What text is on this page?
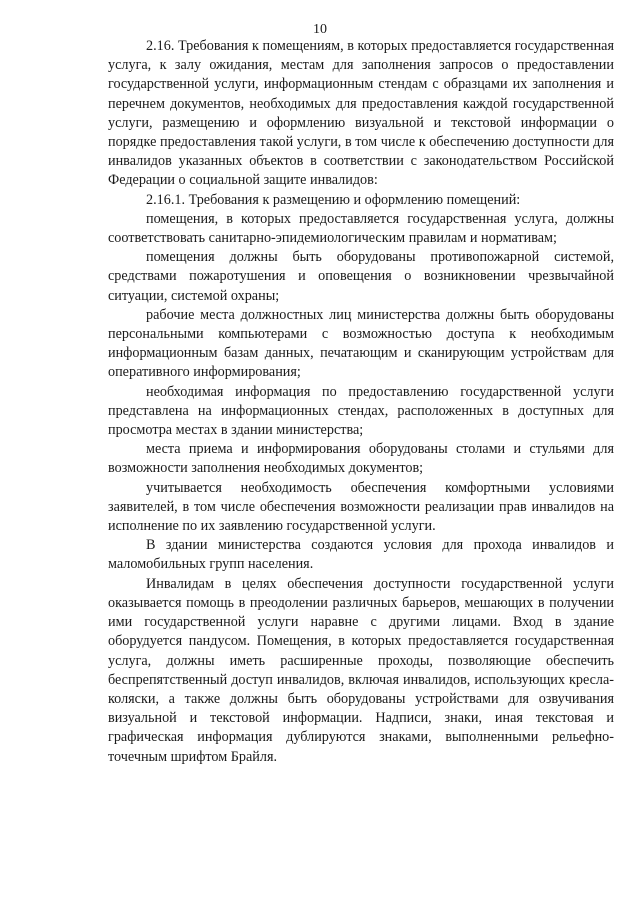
10

2.16. Требования к помещениям, в которых предоставляется государственная услуга, к залу ожидания, местам для заполнения запросов о предоставлении государственной услуги, информационным стендам с образцами их заполнения и перечнем документов, необходимых для предоставления каждой государственной услуги, размещению и оформлению визуальной и текстовой информации о порядке предоставления такой услуги, в том числе к обеспечению доступности для инвалидов указанных объектов в соответствии с законодательством Российской Федерации о социальной защите инвалидов:

2.16.1. Требования к размещению и оформлению помещений:

помещения, в которых предоставляется государственная услуга, должны соответствовать санитарно-эпидемиологическим правилам и нормативам;

помещения должны быть оборудованы противопожарной системой, средствами пожаротушения и оповещения о возникновении чрезвычайной ситуации, системой охраны;

рабочие места должностных лиц министерства должны быть оборудованы персональными компьютерами с возможностью доступа к необходимым информационным базам данных, печатающим и сканирующим устройствам для оперативного информирования;

необходимая информация по предоставлению государственной услуги представлена на информационных стендах, расположенных в доступных для просмотра местах в здании министерства;

места приема и информирования оборудованы столами и стульями для возможности заполнения необходимых документов;

учитывается необходимость обеспечения комфортными условиями заявителей, в том числе обеспечения возможности реализации прав инвалидов на исполнение по их заявлению государственной услуги.

В здании министерства создаются условия для прохода инвалидов и маломобильных групп населения.

Инвалидам в целях обеспечения доступности государственной услуги оказывается помощь в преодолении различных барьеров, мешающих в получении ими государственной услуги наравне с другими лицами. Вход в здание оборудуется пандусом. Помещения, в которых предоставляется государственная услуга, должны иметь расширенные проходы, позволяющие обеспечить беспрепятственный доступ инвалидов, включая инвалидов, использующих кресла-коляски, а также должны быть оборудованы устройствами для озвучивания визуальной и текстовой информации. Надписи, знаки, иная текстовая и графическая информация дублируются знаками, выполненными рельефно-точечным шрифтом Брайля.
